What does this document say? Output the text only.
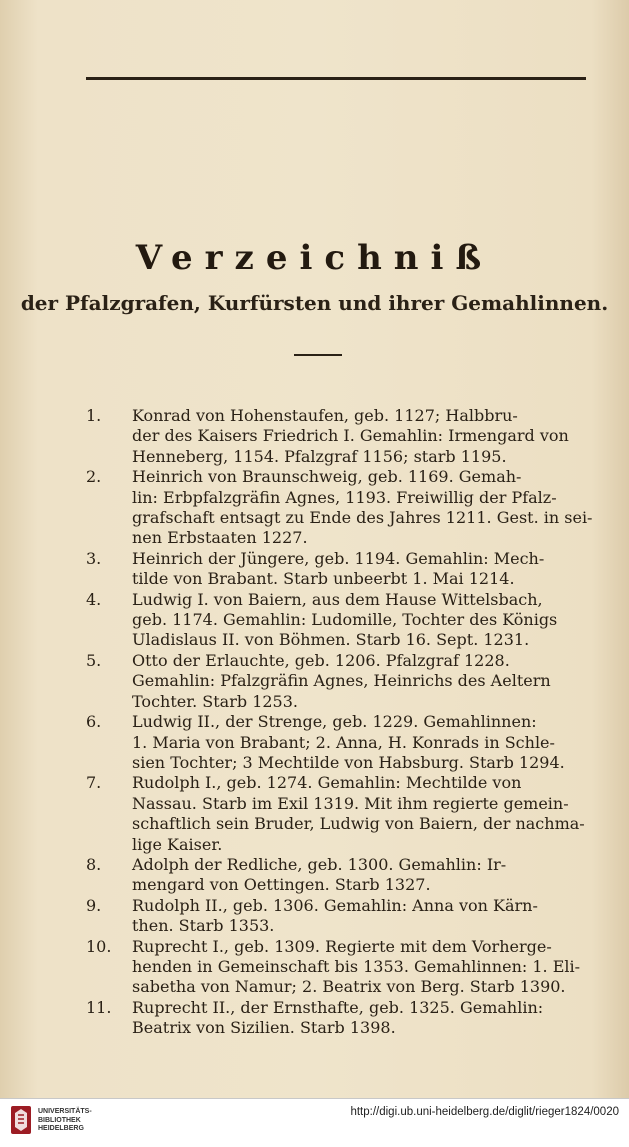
Verzeichniß
der Pfalzgrafen, Kurfürsten und ihrer Gemahlinnen.
1.	Konrad von Hohenstaufen, geb. 1127; Halbbru-

der des Kaisers Friedrich I. Gemahlin: Irmengard von

Henneberg, 1154. Pfalzgraf 1156; starb 1195.

2.	Heinrich von Braunschweig, geb. 1169. Gemah-

lin: Erbpfalzgräfin Agnes, 1193. Freiwillig der Pfalz-

grafschaft entsagt zu Ende des Jahres 1211. Gest. in sei-

nen Erbstaaten 1227.

3.	Heinrich der Jüngere, geb. 1194. Gemahlin: Mech-

tilde von Brabant. Starb unbeerbt 1. Mai 1214.

4.	Ludwig I. von Baiern, aus dem Hause Wittelsbach,

geb. 1174. Gemahlin: Ludomille, Tochter des Königs

Uladislaus II. von Böhmen. Starb 16. Sept. 1231.

5.	Otto der Erlauchte, geb. 1206. Pfalzgraf 1228.

Gemahlin: Pfalzgräfin Agnes, Heinrichs des Aeltern

Tochter. Starb 1253.

6.	Ludwig II., der Strenge, geb. 1229. Gemahlinnen:

1. Maria von Brabant; 2. Anna, H. Konrads in Schle-

sien Tochter; 3 Mechtilde von Habsburg. Starb 1294.

7.	Rudolph I., geb. 1274. Gemahlin: Mechtilde von

Nassau. Starb im Exil 1319. Mit ihm regierte gemein-

schaftlich sein Bruder, Ludwig von Baiern, der nachma-

lige Kaiser.

8.	Adolph der Redliche, geb. 1300. Gemahlin: Ir-

mengard von Oettingen. Starb 1327.

9.	Rudolph II., geb. 1306. Gemahlin: Anna von Kärn-

then. Starb 1353.

10.	Ruprecht I., geb. 1309. Regierte mit dem Vorherge-

henden in Gemeinschaft bis 1353. Gemahlinnen: 1. Eli-

sabetha von Namur; 2. Beatrix von Berg. Starb 1390.

11.	Ruprecht II., der Ernsthafte, geb. 1325. Gemahlin:

Beatrix von Sizilien. Starb 1398.

UNIVERSITÄTS-
BIBLIOTHEK
HEIDELBERG
http://digi.ub.uni-heidelberg.de/diglit/rieger1824/0020
